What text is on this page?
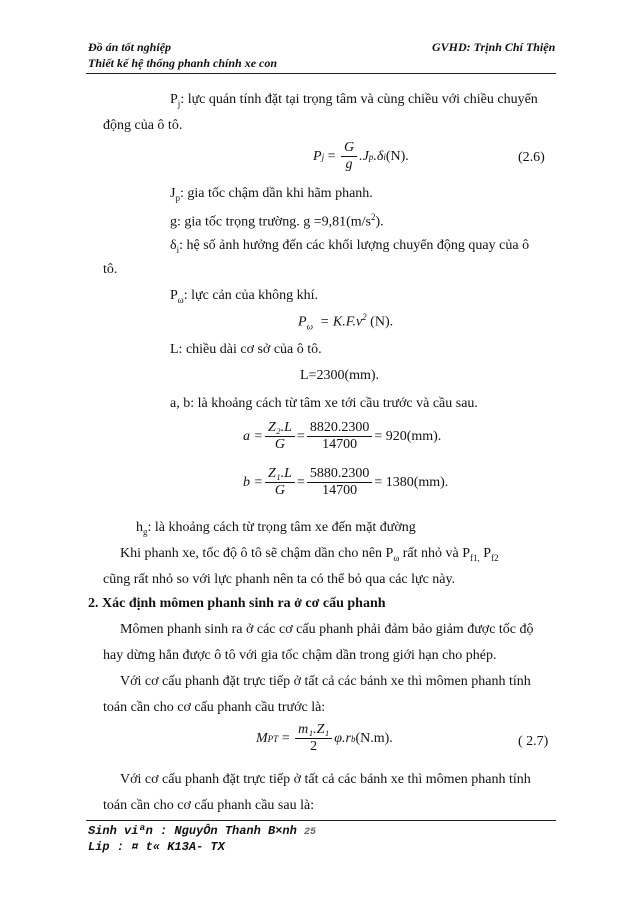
Đồ án tốt nghiệp
Thiết kế hệ thống phanh chính xe con
GVHD: Trịnh Chí Thiện
$P_j$: lực quán tính đặt tại trọng tâm và cùng chiều với chiều chuyển
động của ô tô.
P $j = \frac{G}{g} .J$ p .δ i (N).	(2.6)
$J_p$: gia tốc chậm dần khi hãm phanh.
g: gia tốc trọng trường. $g =9,81(m/s^2)$.
$\delta_i$: hệ số ảnh hưởng đến các khối lượng chuyển động quay của ô
tô.
$P_\omega$: lực cản của không khí.
$P_\omega = K.F.v^2$ (N).
L: chiều dài cơ sở của ô tô.
L=2300(mm).
a, b: là khoảng cách từ tâm xe tới cầu trước và cầu sau.
$a = \frac{\text{Z₂.L}}{G} = \frac{8820.2300}{14700} = 920(mm)$.
$b = \frac{\text{Z₁.L}}{G} = \frac{5880.2300}{14700} = 1380(mm)$.
$h_g$: là khoảng cách từ trọng tâm xe đến mặt đường
Khi phanh xe, tốc độ ô tô sẽ chậm dần cho nên $P_\omega$ rất nhỏ và $P_{f1,}$ $P_{f2}$
cũng rất nhỏ so với lực phanh nên ta có thể bỏ qua các lực này.
2. Xác định mômen phanh sinh ra ở cơ cấu phanh
Mômen phanh sinh ra ở các cơ cấu phanh phải đảm bảo giảm được tốc độ
hay dừng hẳn được ô tô với gia tốc chậm dần trong giới hạn cho phép.
Với cơ cấu phanh đặt trực tiếp ở tất cả các bánh xe thì mômen phanh tính
toán cần cho cơ cấu phanh cầu trước là:
M PT = $\frac{\text{m₁.Z₁}}{2} \varphi.r$ b (N.m).	( 2.7)
Với cơ cấu phanh đặt trực tiếp ở tất cả các bánh xe thì mômen phanh tính
toán cần cho cơ cấu phanh cầu sau là:
Sinh viªn : NguyÔn Thanh B×nh 25
Lip : ¤ t« K13A- TX
